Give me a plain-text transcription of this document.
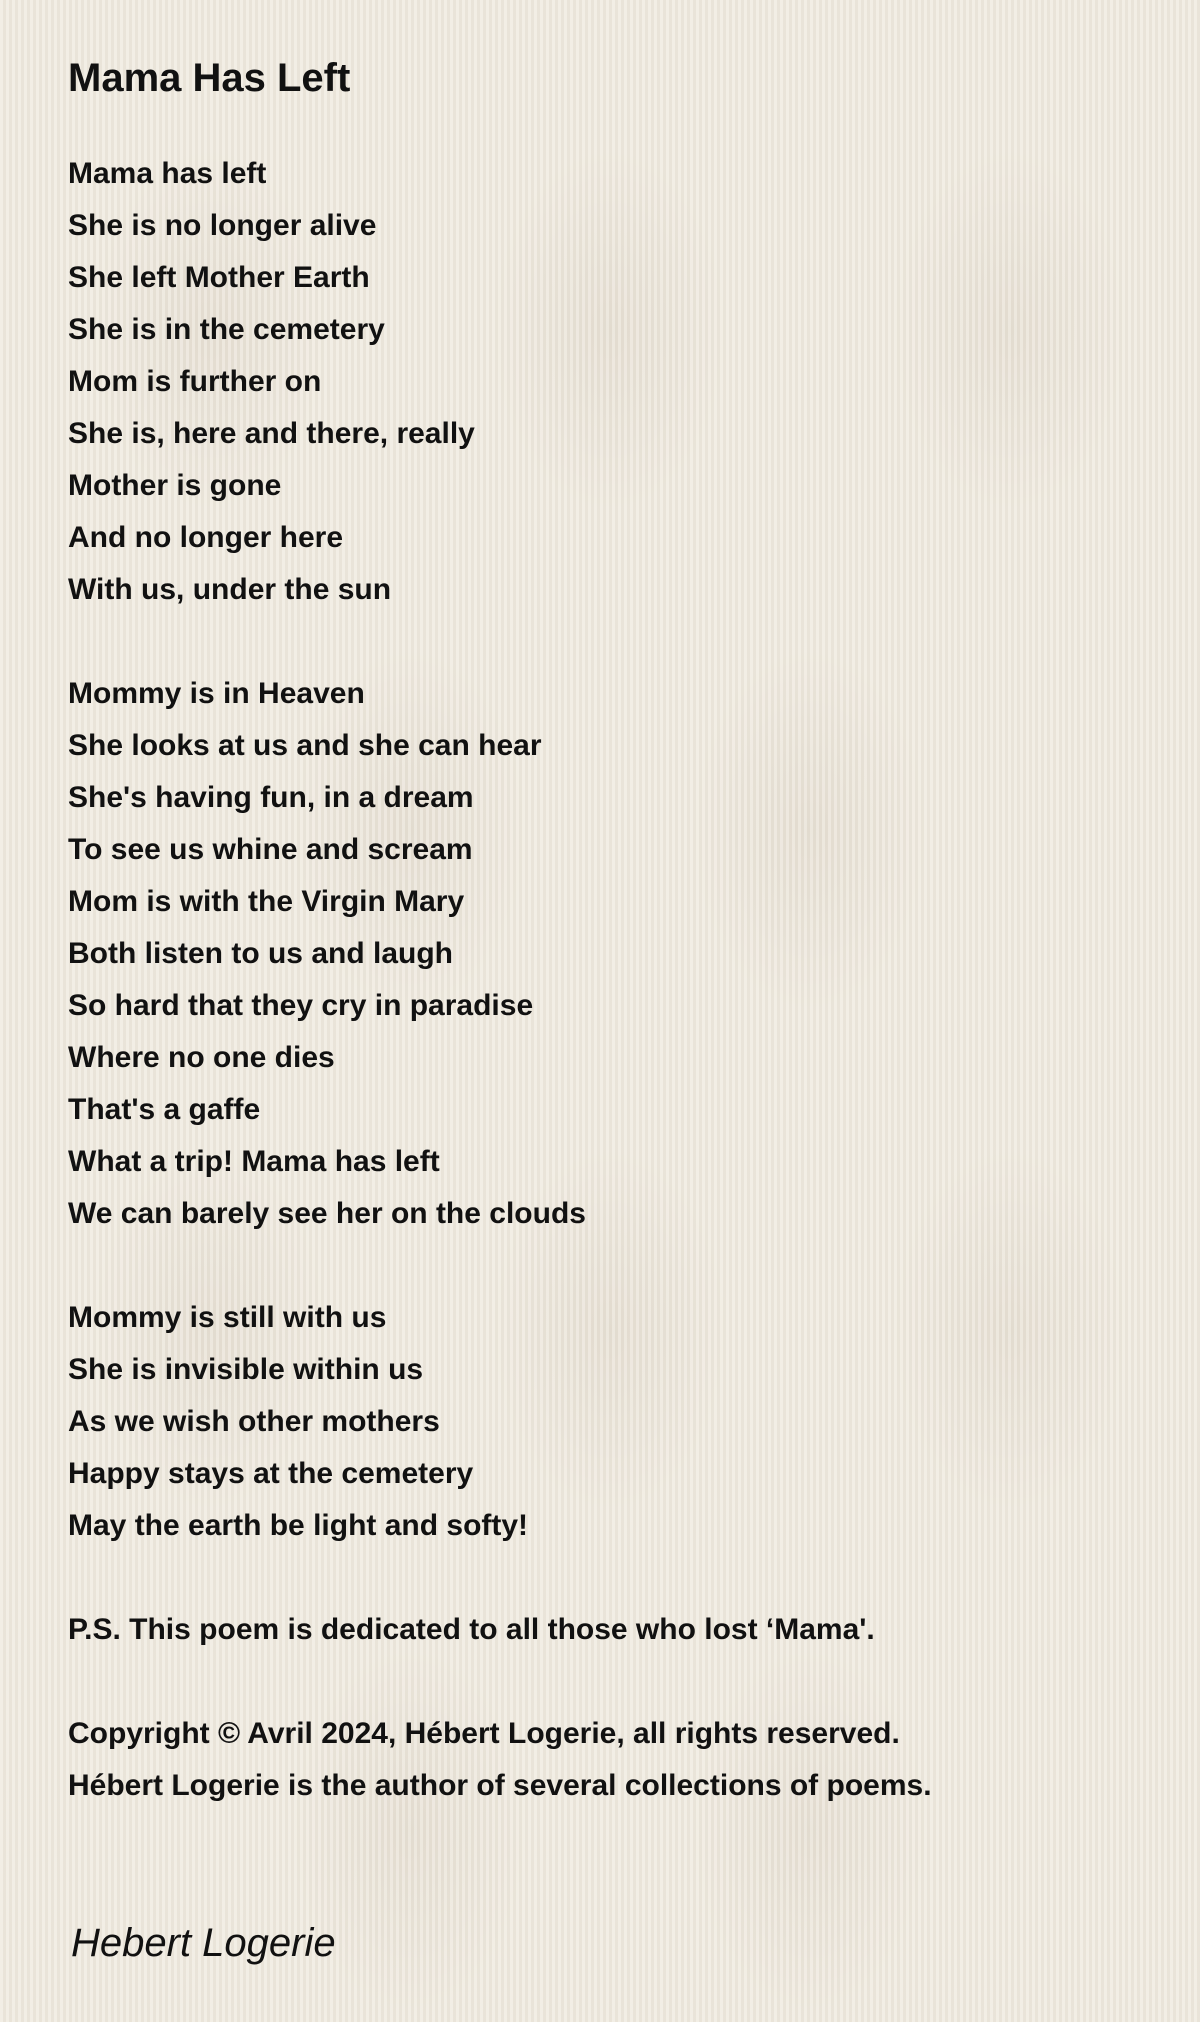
Mama Has Left
Mama has left
She is no longer alive
She left Mother Earth
She is in the cemetery
Mom is further on
She is, here and there, really
Mother is gone
And no longer here
With us, under the sun
Mommy is in Heaven
She looks at us and she can hear
She's having fun, in a dream
To see us whine and scream
Mom is with the Virgin Mary
Both listen to us and laugh
So hard that they cry in paradise
Where no one dies
That's a gaffe
What a trip! Mama has left
We can barely see her on the clouds
Mommy is still with us
She is invisible within us
As we wish other mothers
Happy stays at the cemetery
May the earth be light and softy!
P.S. This poem is dedicated to all those who lost ‘Mama'.
Copyright © Avril 2024, Hébert Logerie, all rights reserved.
Hébert Logerie is the author of several collections of poems.
Hebert Logerie
